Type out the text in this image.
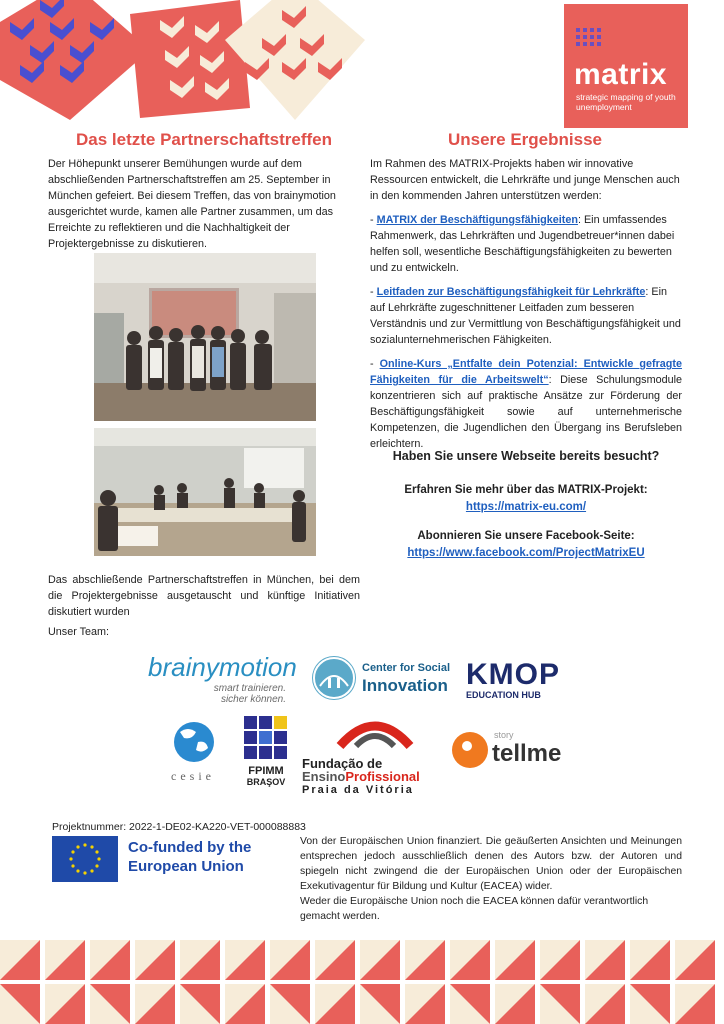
matrix
strategic mapping of youth unemployment
Das letzte Partnerschaftstreffen

Der Höhepunkt unserer Bemühungen wurde auf dem abschließenden Partnerschaftstreffen am 25. September in München gefeiert. Bei diesem Treffen, das von brainymotion ausgerichtet wurde, kamen alle Partner zusammen, um das Erreichte zu reflektieren und die Nachhaltigkeit der Projektergebnisse zu diskutieren.

Das abschließende Partnerschaftstreffen in München, bei dem die Projektergebnisse ausgetauscht und künftige Initiativen diskutiert wurden

Unser Team:
Unsere Ergebnisse

Im Rahmen des MATRIX-Projekts haben wir innovative Ressourcen entwickelt, die Lehrkräfte und junge Menschen auch in den kommenden Jahren unterstützen werden:

- MATRIX der Beschäftigungsfähigkeiten: Ein umfassendes Rahmenwerk, das Lehrkräften und Jugendbetreuer*innen dabei helfen soll, wesentliche Beschäftigungsfähigkeiten zu bewerten und zu entwickeln.

- Leitfaden zur Beschäftigungsfähigkeit für Lehrkräfte: Ein auf Lehrkräfte zugeschnittener Leitfaden zum besseren Verständnis und zur Vermittlung von Beschäftigungsfähigkeit und sozialunternehmerischen Fähigkeiten.

- Online-Kurs „Entfalte dein Potenzial: Entwickle gefragte Fähigkeiten für die Arbeitswelt“: Diese Schulungsmodule konzentrieren sich auf praktische Ansätze zur Förderung der Beschäftigungsfähigkeit sowie auf unternehmerische Kompetenzen, die Jugendlichen den Übergang ins Berufsleben erleichtern.

Haben Sie unsere Webseite bereits besucht?
Erfahren Sie mehr über das MATRIX-Projekt:
https://matrix-eu.com/
Abonnieren Sie unsere Facebook-Seite:
https://www.facebook.com/ProjectMatrixEU
brainymotion
smart trainieren.
sicher können.
Center for Social
Innovation KMOP
EDUCATION HUB
cesie	FPIMM
BRAŞOV
Fundação de
EnsinoProfissional
Praia da Vitória
story
tellme
Projektnummer: 2022-1-DE02-KA220-VET-000088883
Co-funded by the European Union

Von der Europäischen Union finanziert. Die geäußerten Ansichten und Meinungen entsprechen jedoch ausschließlich denen des Autors bzw. der Autoren und spiegeln nicht zwingend die der Europäischen Union oder der Europäischen Exekutivagentur für Bildung und Kultur (EACEA) wider.

Weder die Europäische Union noch die EACEA können dafür verantwortlich gemacht werden.
